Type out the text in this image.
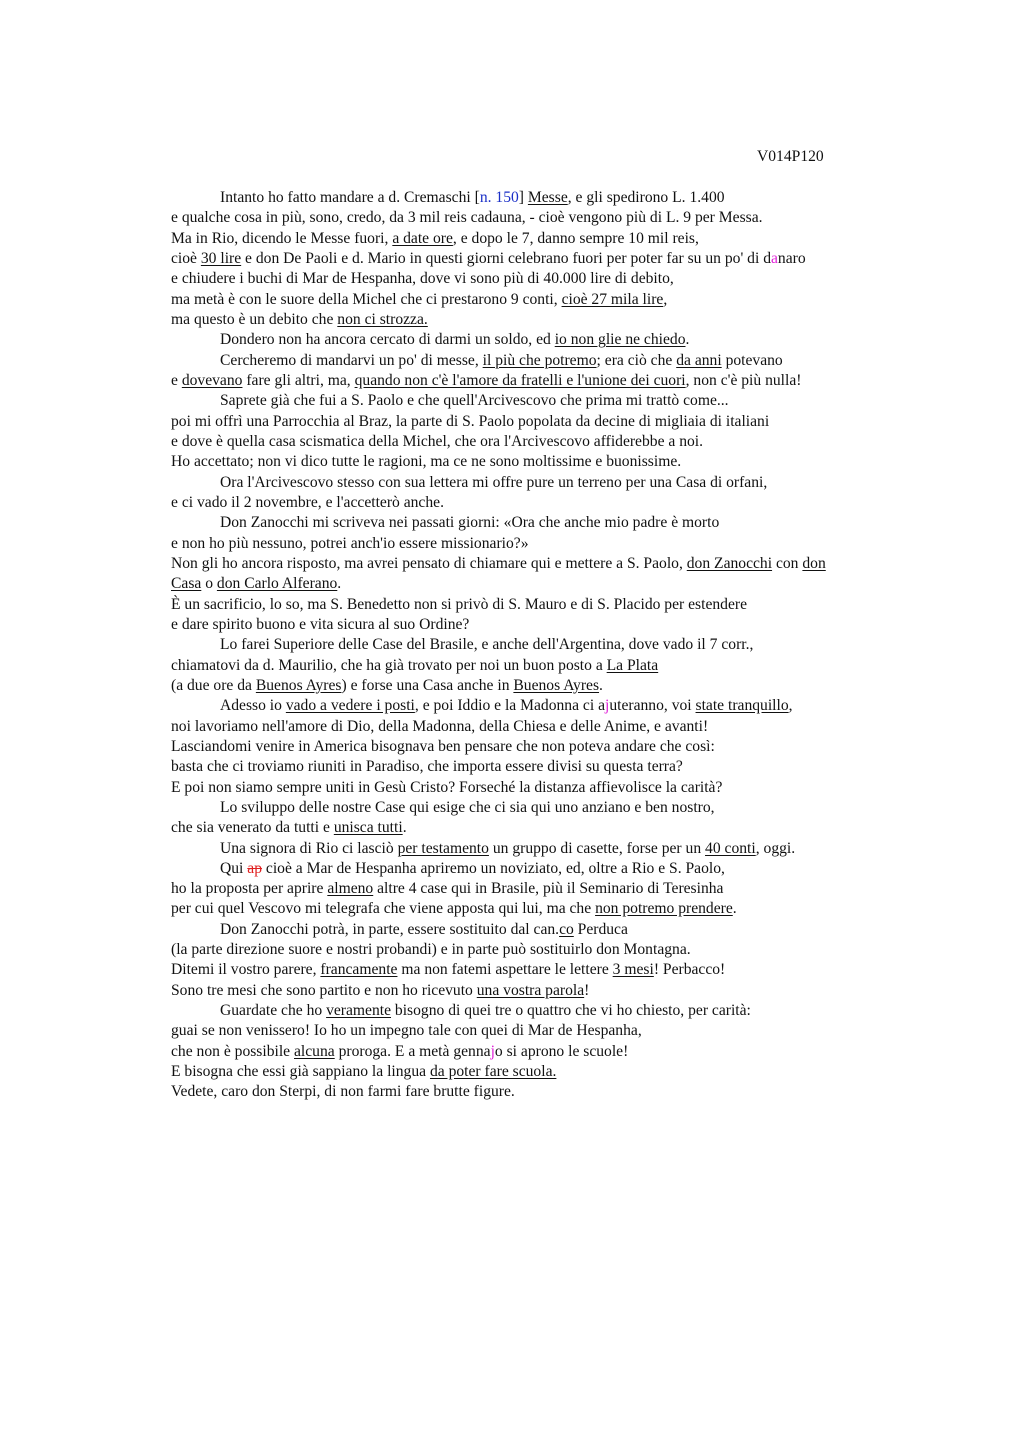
V014P120
Intanto ho fatto mandare a d. Cremaschi [n. 150] Messe, e gli spedirono L. 1.400
e qualche cosa in più, sono, credo, da 3 mil reis cadauna, - cioè vengono più di L. 9 per Messa.
Ma in Rio, dicendo le Messe fuori, a date ore, e dopo le 7, danno sempre 10 mil reis,
cioè 30 lire e don De Paoli e d. Mario in questi giorni celebrano fuori per poter far su un po' di danaro
e chiudere i buchi di Mar de Hespanha, dove vi sono più di 40.000 lire di debito,
ma metà è con le suore della Michel che ci prestarono 9 conti, cioè 27 mila lire,
ma questo è un debito che non ci strozza.
Dondero non ha ancora cercato di darmi un soldo, ed io non glie ne chiedo.
Cercheremo di mandarvi un po' di messe, il più che potremo; era ciò che da anni potevano
e dovevano fare gli altri, ma, quando non c'è l'amore da fratelli e l'unione dei cuori, non c'è più nulla!
Saprete già che fui a S. Paolo e che quell'Arcivescovo che prima mi trattò come...
poi mi offrì una Parrocchia al Braz, la parte di S. Paolo popolata da decine di migliaia di italiani
e dove è quella casa scismatica della Michel, che ora l'Arcivescovo affiderebbe a noi.
Ho accettato; non vi dico tutte le ragioni, ma ce ne sono moltissime e buonissime.
Ora l'Arcivescovo stesso con sua lettera mi offre pure un terreno per una Casa di orfani,
e ci vado il 2 novembre, e l'accetterò anche.
Don Zanocchi mi scriveva nei passati giorni: «Ora che anche mio padre è morto
e non ho più nessuno, potrei anch'io essere missionario?»
Non gli ho ancora risposto, ma avrei pensato di chiamare qui e mettere a S. Paolo, don Zanocchi con don
Casa o don Carlo Alferano.
È un sacrificio, lo so, ma S. Benedetto non si privò di S. Mauro e di S. Placido per estendere
e dare spirito buono e vita sicura al suo Ordine?
Lo farei Superiore delle Case del Brasile, e anche dell'Argentina, dove vado il 7 corr.,
chiamatovi da d. Maurilio, che ha già trovato per noi un buon posto a La Plata
(a due ore da Buenos Ayres) e forse una Casa anche in Buenos Ayres.
Adesso io vado a vedere i posti, e poi Iddio e la Madonna ci ajuteranno, voi state tranquillo,
noi lavoriamo nell'amore di Dio, della Madonna, della Chiesa e delle Anime, e avanti!
Lasciandomi venire in America bisognava ben pensare che non poteva andare che così:
basta che ci troviamo riuniti in Paradiso, che importa essere divisi su questa terra?
E poi non siamo sempre uniti in Gesù Cristo? Forseché la distanza affievolisce la carità?
Lo sviluppo delle nostre Case qui esige che ci sia qui uno anziano e ben nostro,
che sia venerato da tutti e unisca tutti.
Una signora di Rio ci lasciò per testamento un gruppo di casette, forse per un 40 conti, oggi.
Qui ap cioè a Mar de Hespanha apriremo un noviziato, ed, oltre a Rio e S. Paolo,
ho la proposta per aprire almeno altre 4 case qui in Brasile, più il Seminario di Teresinha
per cui quel Vescovo mi telegrafa che viene apposta qui lui, ma che non potremo prendere.
Don Zanocchi potrà, in parte, essere sostituito dal can.co Perduca
(la parte direzione suore e nostri probandi) e in parte può sostituirlo don Montagna.
Ditemi il vostro parere, francamente ma non fatemi aspettare le lettere 3 mesi! Perbacco!
Sono tre mesi che sono partito e non ho ricevuto una vostra parola!
Guardate che ho veramente bisogno di quei tre o quattro che vi ho chiesto, per carità:
guai se non venissero! Io ho un impegno tale con quei di Mar de Hespanha,
che non è possibile alcuna proroga. E a metà gennajo si aprono le scuole!
E bisogna che essi già sappiano la lingua da poter fare scuola.
Vedete, caro don Sterpi, di non farmi fare brutte figure.
